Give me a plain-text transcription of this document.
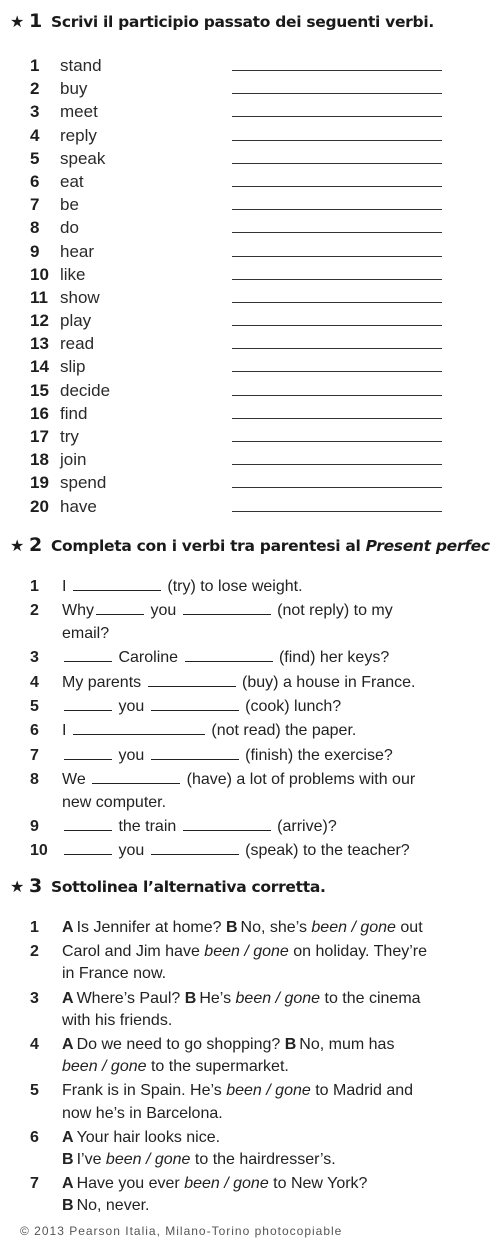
★ 1 Scrivi il participio passato dei seguenti verbi.
1	stand
2	buy
3	meet
4	reply
5	speak
6	eat
7	be
8	do
9	hear
10 like
11 show
12 play
13 read
14 slip
15 decide
16 find
17 try
18 join
19 spend
20 have
★ 2 Completa con i verbi tra parentesi al Present perfec
1	I	(try) to lose weight.
2	Why	you	(not reply) to my
email?
3	Caroline	(find) her keys?
4	My parents	(buy) a house in France.
5	you	(cook) lunch?
6	I	(not read) the paper.
7	you	(finish) the exercise?
8	We	(have) a lot of problems with our
new computer.
9	the train	(arrive)?
10	you	(speak) to the teacher?
★ 3 Sottolinea l’alternativa corretta.
1	A Is Jennifer at home? B No, she’s been / gone out
2	Carol and Jim have been / gone on holiday. They’re
in France now.
3	A Where’s Paul? B He’s been / gone to the cinema
with his friends.
4	A Do we need to go shopping? B No, mum has
been / gone to the supermarket.
5	Frank is in Spain. He’s been / gone to Madrid and
now he’s in Barcelona.
6	A Your hair looks nice.
B I’ve been / gone to the hairdresser’s.
7	A Have you ever been / gone to New York?
B No, never.
© 2013 Pearson Italia, Milano-Torino photocopiable
